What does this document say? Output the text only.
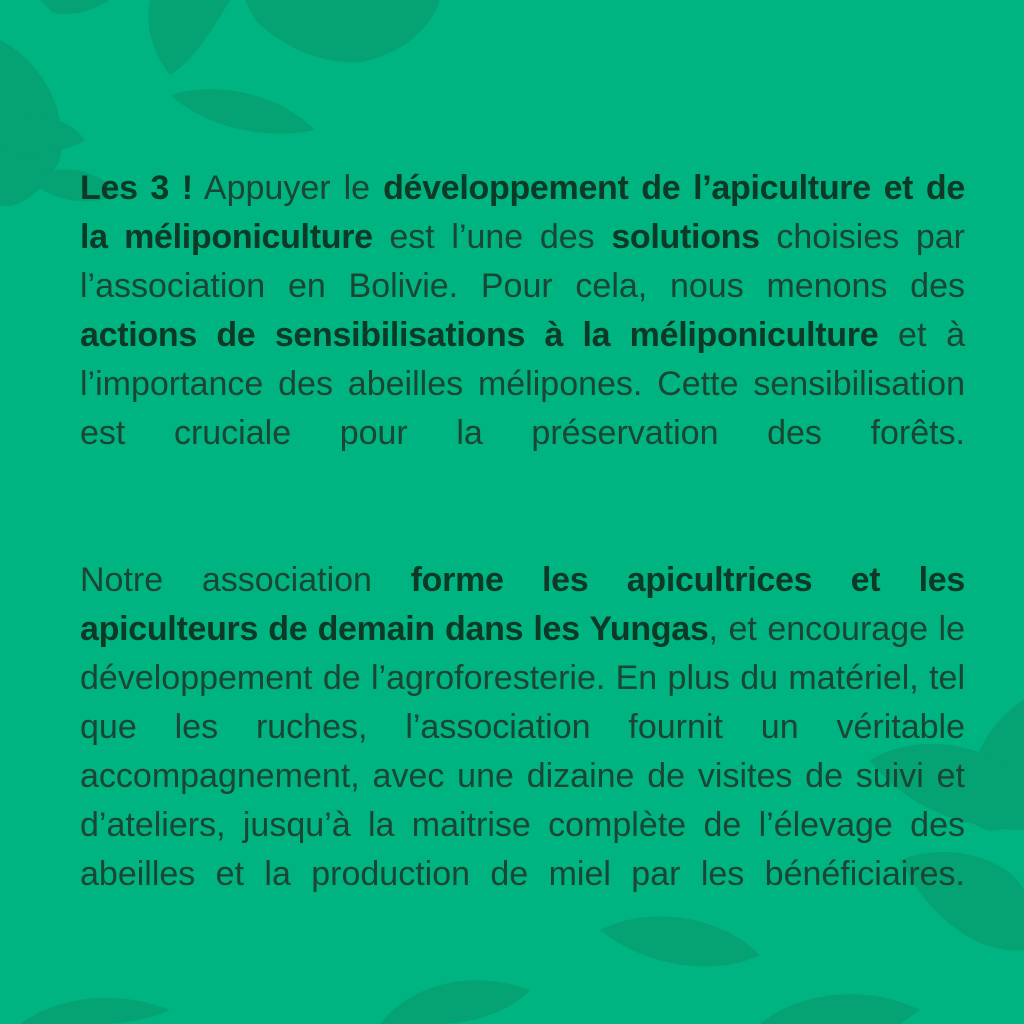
Les 3 ! Appuyer le développement de l’apiculture et de la méliponiculture est l’une des solutions choisies par l’association en Bolivie. Pour cela, nous menons des actions de sensibilisations à la méliponiculture et à l’importance des abeilles mélipones. Cette sensibilisation est cruciale pour la préservation des forêts.

Notre association forme les apicultrices et les apiculteurs de demain dans les Yungas, et encourage le développement de l’agroforesterie. En plus du matériel, tel que les ruches, l’association fournit un véritable accompagnement, avec une dizaine de visites de suivi et d’ateliers, jusqu’à la maitrise complète de l’élevage des abeilles et la production de miel par les bénéficiaires.
